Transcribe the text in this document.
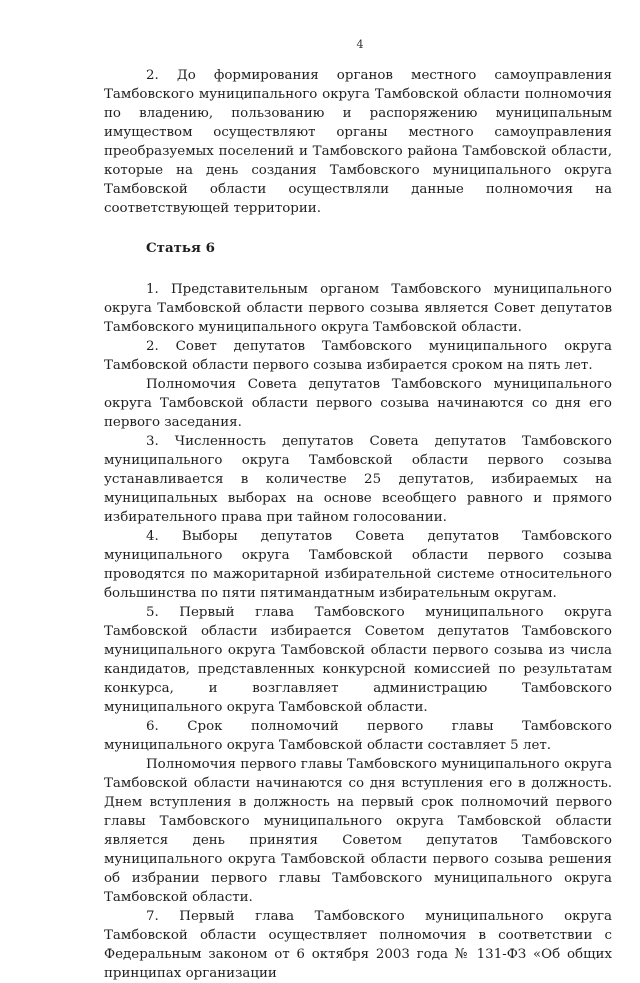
4

2. До формирования органов местного самоуправления Тамбовского муниципального округа Тамбовской области полномочия по владению, пользованию и распоряжению муниципальным имуществом осуществляют органы местного самоуправления преобразуемых поселений и Тамбовского района Тамбовской области, которые на день создания Тамбовского муниципального округа Тамбовской области осуществляли данные полномочия на соответствующей территории.

Статья 6

1. Представительным органом Тамбовского муниципального округа Тамбовской области первого созыва является Совет депутатов Тамбовского муниципального округа Тамбовской области.

2. Совет депутатов Тамбовского муниципального округа Тамбовской области первого созыва избирается сроком на пять лет.

Полномочия Совета депутатов Тамбовского муниципального округа Тамбовской области первого созыва начинаются со дня его первого заседания.

3. Численность депутатов Совета депутатов Тамбовского муниципального округа Тамбовской области первого созыва устанавливается в количестве 25 депутатов, избираемых на муниципальных выборах на основе всеобщего равного и прямого избирательного права при тайном голосовании.

4. Выборы депутатов Совета депутатов Тамбовского муниципального округа Тамбовской области первого созыва проводятся по мажоритарной избирательной системе относительного большинства по пяти пятимандатным избирательным округам.

5. Первый глава Тамбовского муниципального округа Тамбовской области избирается Советом депутатов Тамбовского муниципального округа Тамбовской области первого созыва из числа кандидатов, представленных конкурсной комиссией по результатам конкурса, и возглавляет администрацию Тамбовского муниципального округа Тамбовской области.

6. Срок полномочий первого главы Тамбовского муниципального округа Тамбовской области составляет 5 лет.

Полномочия первого главы Тамбовского муниципального округа Тамбовской области начинаются со дня вступления его в должность. Днем вступления в должность на первый срок полномочий первого главы Тамбовского муниципального округа Тамбовской области является день принятия Советом депутатов Тамбовского муниципального округа Тамбовской области первого созыва решения об избрании первого главы Тамбовского муниципального округа Тамбовской области.

7. Первый глава Тамбовского муниципального округа Тамбовской области осуществляет полномочия в соответствии с Федеральным законом от 6 октября 2003 года № 131-ФЗ «Об общих принципах организации
